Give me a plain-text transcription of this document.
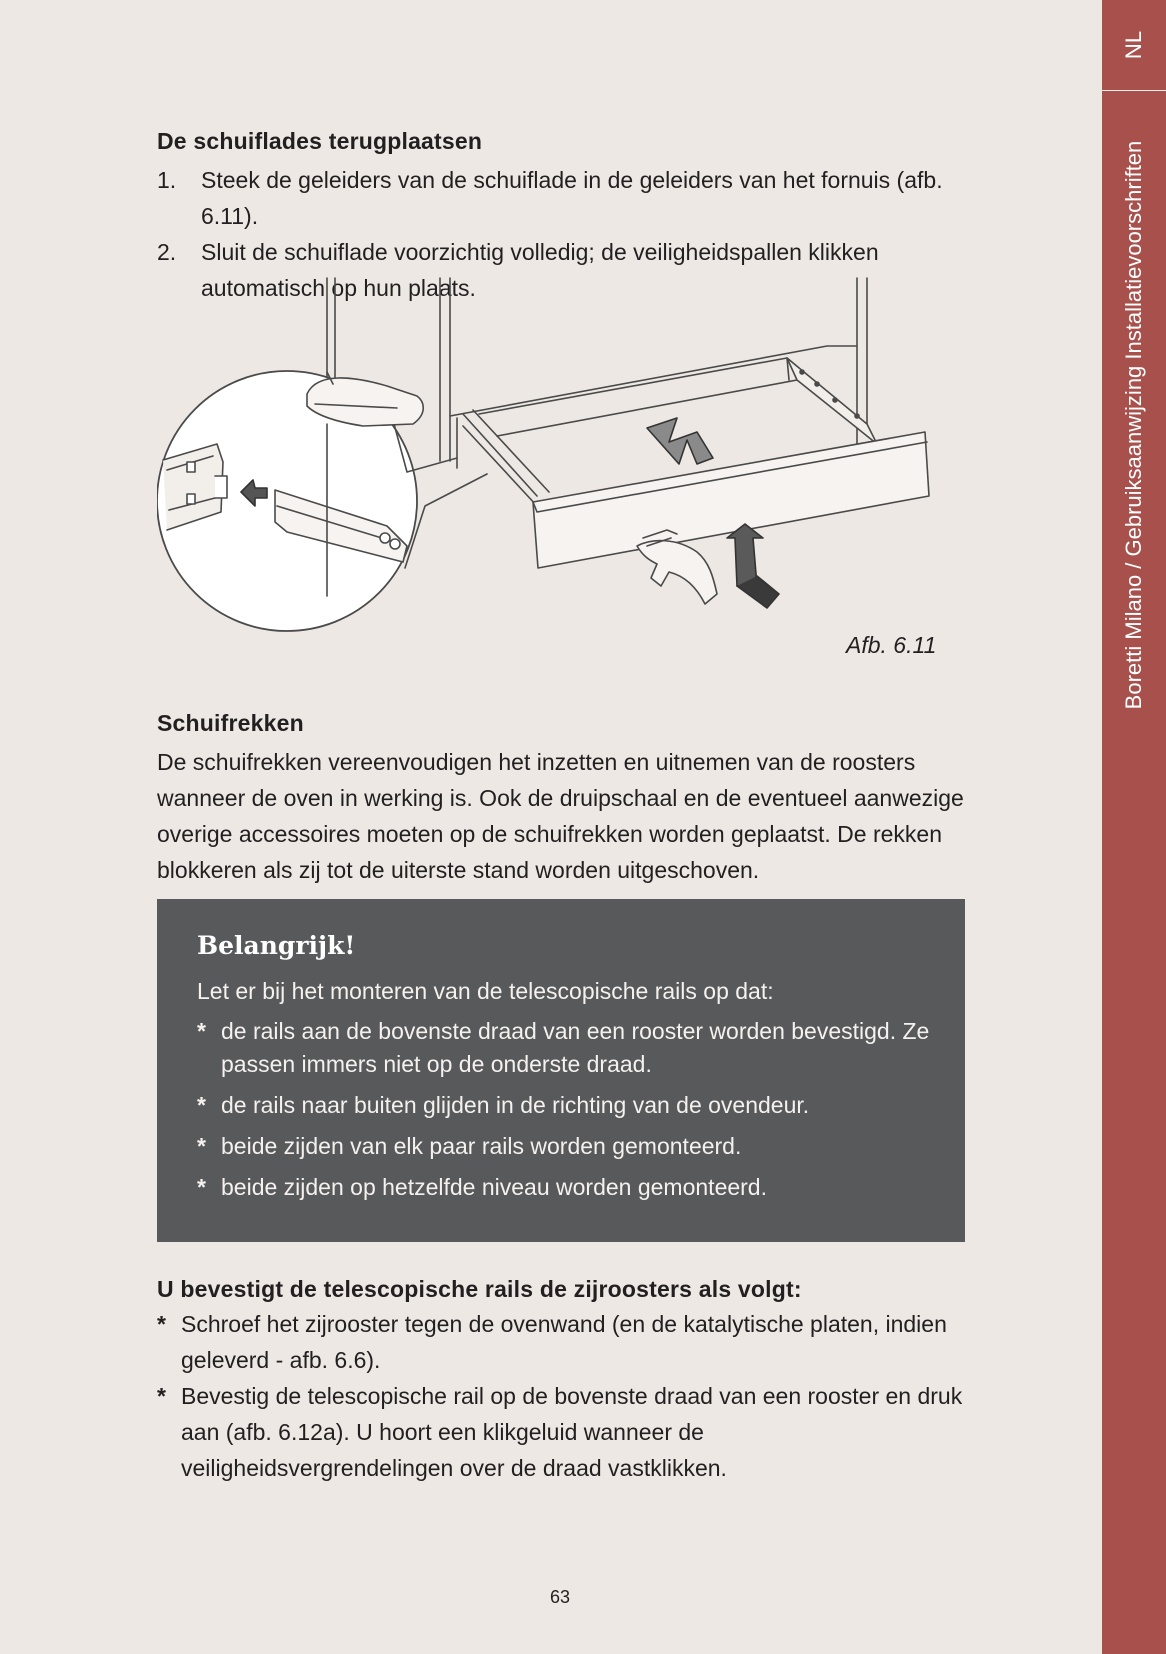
NL
Boretti Milano / Gebruiksaanwijzing Installatievoorschriften
De schuiflades terugplaatsen
1. Steek de geleiders van de schuiflade in de geleiders van het fornuis (afb. 6.11).
2. Sluit de schuiflade voorzichtig volledig; de veiligheidspallen klikken automatisch op hun plaats.
Afb. 6.11
Schuifrekken
De schuifrekken vereenvoudigen het inzetten en uitnemen van de roosters wanneer de oven in werking is. Ook de druipschaal en de eventueel aanwezige overige accessoires moeten op de schuifrekken worden geplaatst. De rekken blokkeren als zij tot de uiterste stand worden uitgeschoven.
Belangrijk!
Let er bij het monteren van de telescopische rails op dat:
* de rails aan de bovenste draad van een rooster worden bevestigd. Ze passen immers niet op de onderste draad.
* de rails naar buiten glijden in de richting van de ovendeur.
* beide zijden van elk paar rails worden gemonteerd.
* beide zijden op hetzelfde niveau worden gemonteerd.
U bevestigt de telescopische rails de zijroosters als volgt:
* Schroef het zijrooster tegen de ovenwand (en de katalytische platen, indien geleverd - afb. 6.6).
* Bevestig de telescopische rail op de bovenste draad van een rooster en druk aan (afb. 6.12a). U hoort een klikgeluid wanneer de veiligheidsvergrendelingen over de draad vastklikken.
63
